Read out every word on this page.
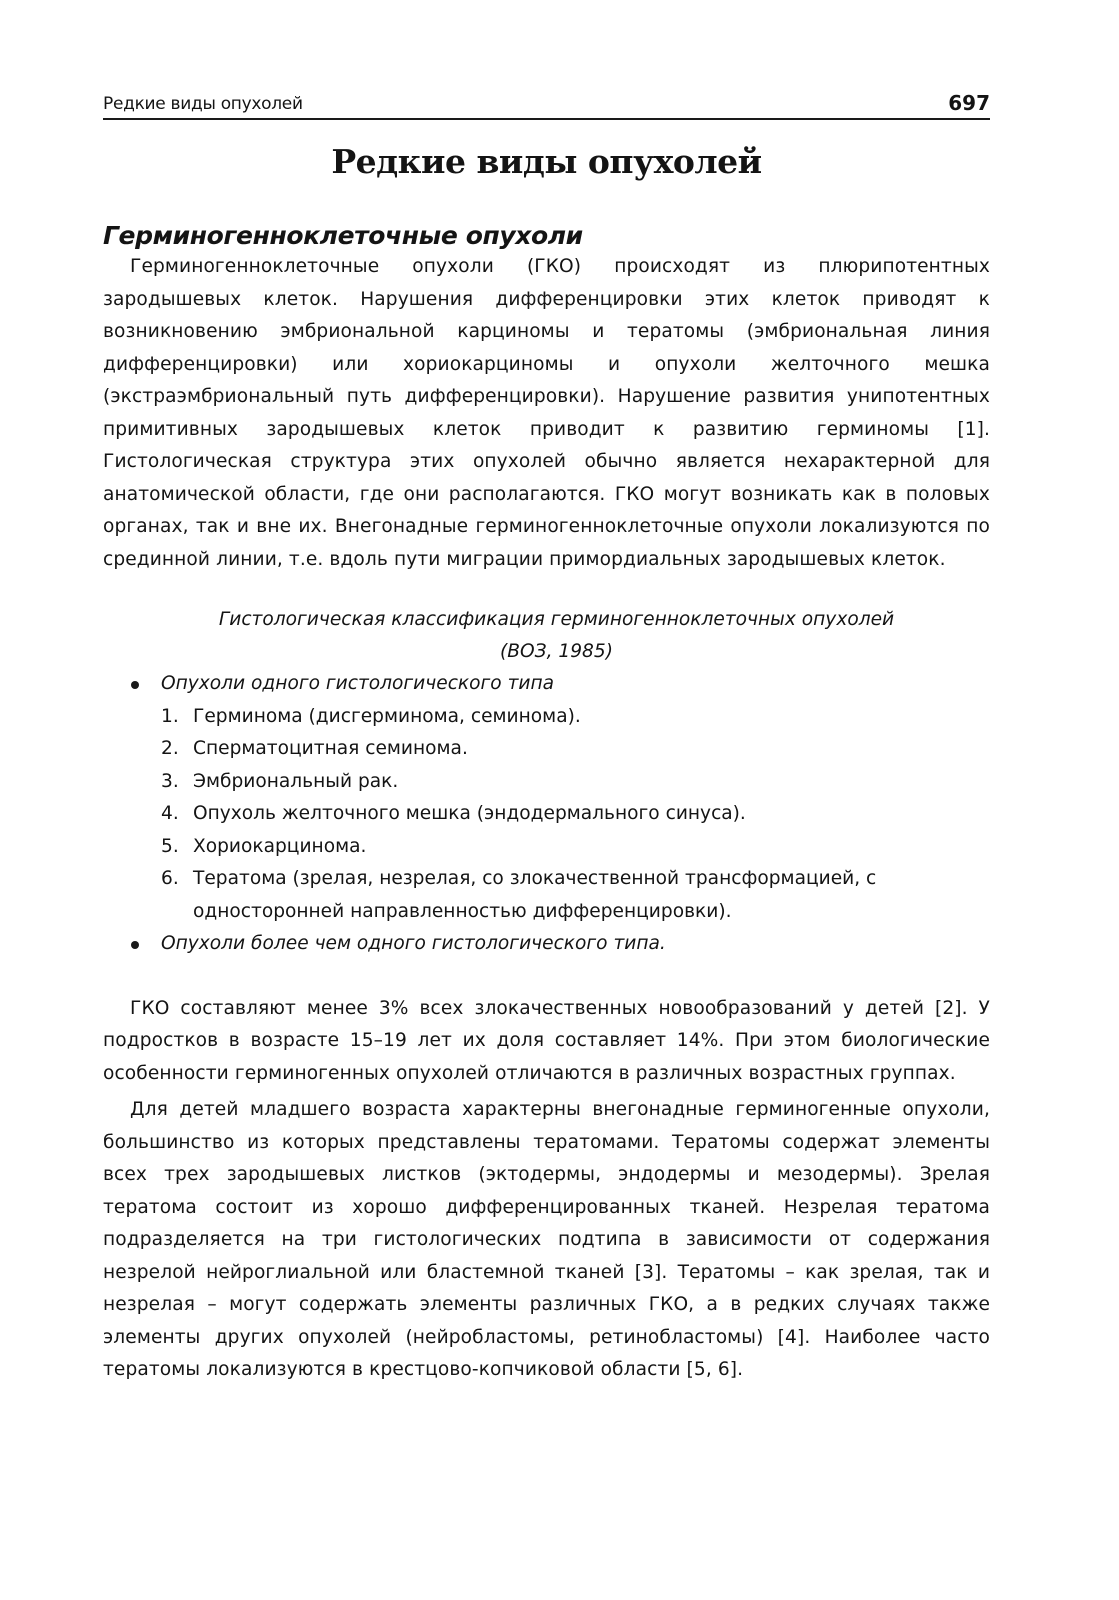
Редкие виды опухолей	697
Редкие виды опухолей
Герминогенноклеточные опухоли

Герминогенноклеточные опухоли (ГКО) происходят из плюрипотентных зародышевых клеток. Нарушения дифференцировки этих клеток приводят к возникновению эмбриональной карциномы и тератомы (эмбриональная линия дифференцировки) или хориокарциномы и опухоли желточного мешка (экстраэмбриональный путь дифференцировки). Нарушение развития унипотентных примитивных зародышевых клеток приводит к развитию герминомы [1]. Гистологическая структура этих опухолей обычно является нехарактерной для анатомической области, где они располагаются. ГКО могут возникать как в половых органах, так и вне их. Внегонадные герминогенноклеточные опухоли локализуются по срединной линии, т.е. вдоль пути миграции примордиальных зародышевых клеток.

Гистологическая классификация герминогенноклеточных опухолей
(ВОЗ, 1985)
Опухоли одного гистологического типа
1. Герминома (дисгерминома, семинома).
2. Сперматоцитная семинома.
3. Эмбриональный рак.
4. Опухоль желточного мешка (эндодермального синуса).
5. Хориокарцинома.
6. Тератома (зрелая, незрелая, со злокачественной трансформацией, с односторонней направленностью дифференцировки).
Опухоли более чем одного гистологического типа.

ГКО составляют менее 3% всех злокачественных новообразований у детей [2]. У подростков в возрасте 15–19 лет их доля составляет 14%. При этом биологические особенности герминогенных опухолей отличаются в различных возрастных группах.

Для детей младшего возраста характерны внегонадные герминогенные опухоли, большинство из которых представлены тератомами. Тератомы содержат элементы всех трех зародышевых листков (эктодермы, эндодермы и мезодермы). Зрелая тератома состоит из хорошо дифференцированных тканей. Незрелая тератома подразделяется на три гистологических подтипа в зависимости от содержания незрелой нейроглиальной или бластемной тканей [3]. Тератомы – как зрелая, так и незрелая – могут содержать элементы различных ГКО, а в редких случаях также элементы других опухолей (нейробластомы, ретинобластомы) [4]. Наиболее часто тератомы локализуются в крестцово-копчиковой области [5, 6].
